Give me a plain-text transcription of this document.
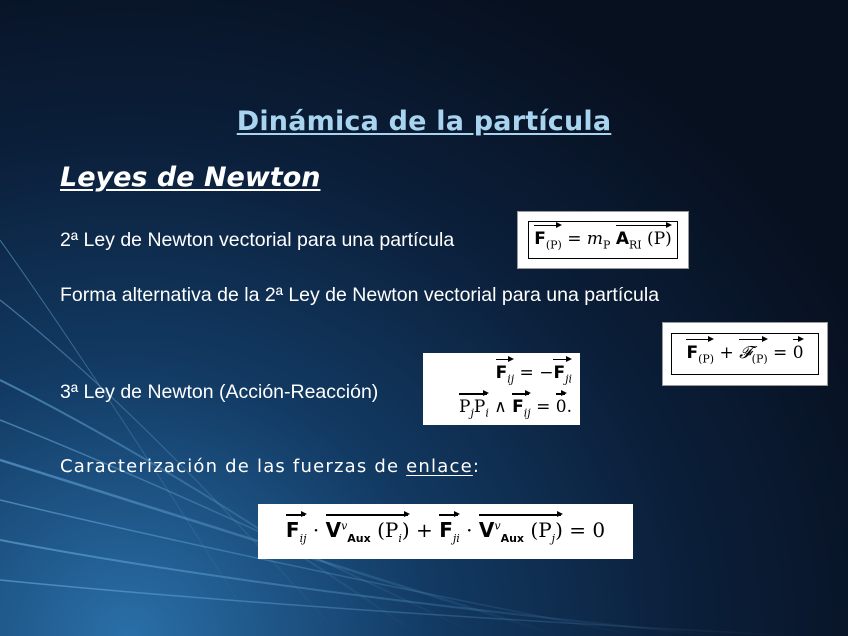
Dinámica de la partícula
Leyes de Newton
2ª Ley de Newton vectorial para una partícula
Forma alternativa de la 2ª Ley de Newton vectorial para una partícula
3ª Ley de Newton (Acción-Reacción)
Caracterización de las fuerzas de enlace:
$F_{(P)} = m_P$ $A_{RI}$ (P)
$F_{(P)}$ + 𝓕$_{(P)}$ = 0
$F_{ij} = -F_{ji}$
$P_jP_i$ ∧ $F_{ij} = 0$.
$F_{ij} \cdot V^v_{Aux}$ $(P_i) + F_{ji} \cdot V^v_{Aux}$ $(P_j) = 0$
